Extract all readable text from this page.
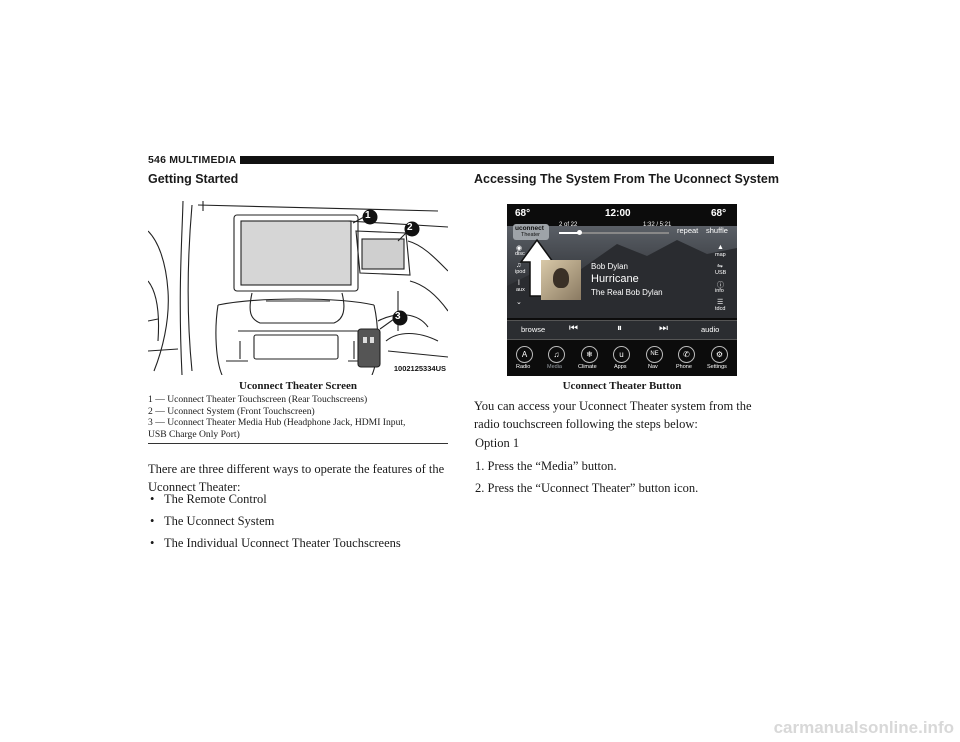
546 MULTIMEDIA
Getting Started
1
2
3
1002125334US
Uconnect Theater Screen
1 — Uconnect Theater Touchscreen (Rear Touchscreens)
2 — Uconnect System (Front Touchscreen)
3 — Uconnect Theater Media Hub (Headphone Jack, HDMI Input,
USB Charge Only Port)
There are three different ways to operate the features of the
Uconnect Theater:
• The Remote Control
• The Uconnect System
• The Individual Uconnect Theater Touchscreens
Accessing The System From The Uconnect System
68°	12:00	68°
uconnect
Theater
2 of 22	1:32 / 5:21
repeat shuffle
◉
disc
♫
ipod
ǀ
aux
⌄
Bob Dylan
Hurricane
The Real Bob Dylan
▲
map
⇋
USB
ⓘ
info
☰
tdcd
browse ⏮	⏸	⏭	audio
A
Radio
♫
Media
❄
Climate
u
Apps
NE
Nav
✆
Phone
⚙
Settings
Uconnect Theater Button
You can access your Uconnect Theater system from the
radio touchscreen following the steps below:
Option 1
1. Press the “Media” button.
2. Press the “Uconnect Theater” button icon.
carmanualsonline.info
